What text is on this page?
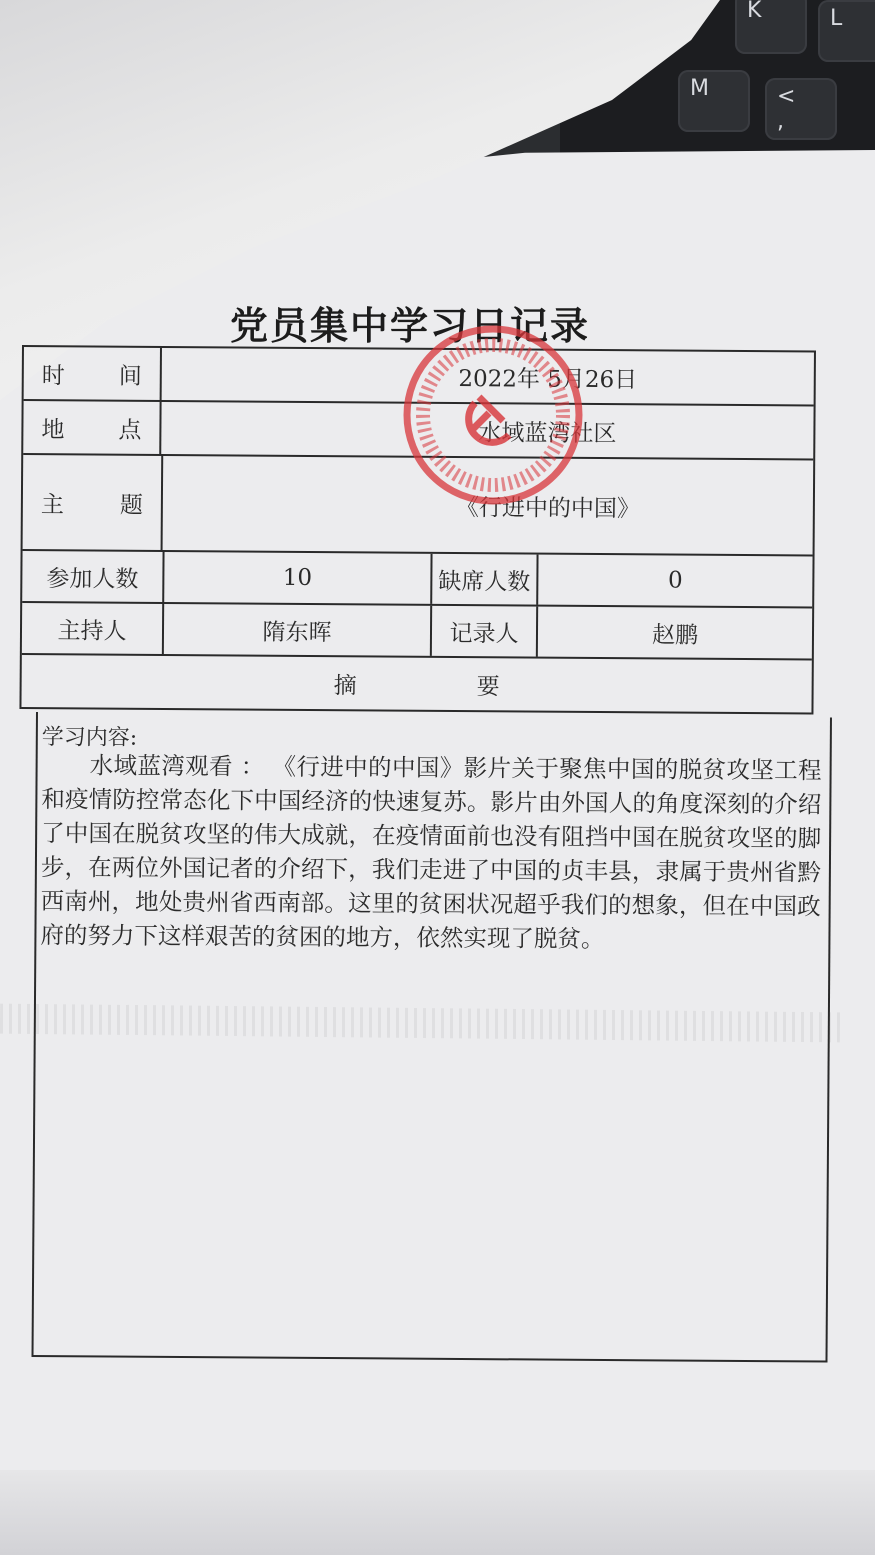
K	L
M	<
,
党员集中学习日记录
时 间	2022年 5月26日
地 点	水域蓝湾社区
主 题	《行进中的中国》
参加人数	10	缺席人数	0
主持人	隋东晖	记录人	赵鹏
摘	要
学习内容:
水域蓝湾观看 ： 《行进中的中国》影片关于聚焦中国的脱贫攻坚工程和疫情防控常态化下中国经济的快速复苏。影片由外国人的角度深刻的介绍了中国在脱贫攻坚的伟大成就，在疫情面前也没有阻挡中国在脱贫攻坚的脚步，在两位外国记者的介绍下，我们走进了中国的贞丰县，隶属于贵州省黔西南州，地处贵州省西南部。这里的贫困状况超乎我们的想象，但在中国政府的努力下这样艰苦的贫困的地方，依然实现了脱贫。
